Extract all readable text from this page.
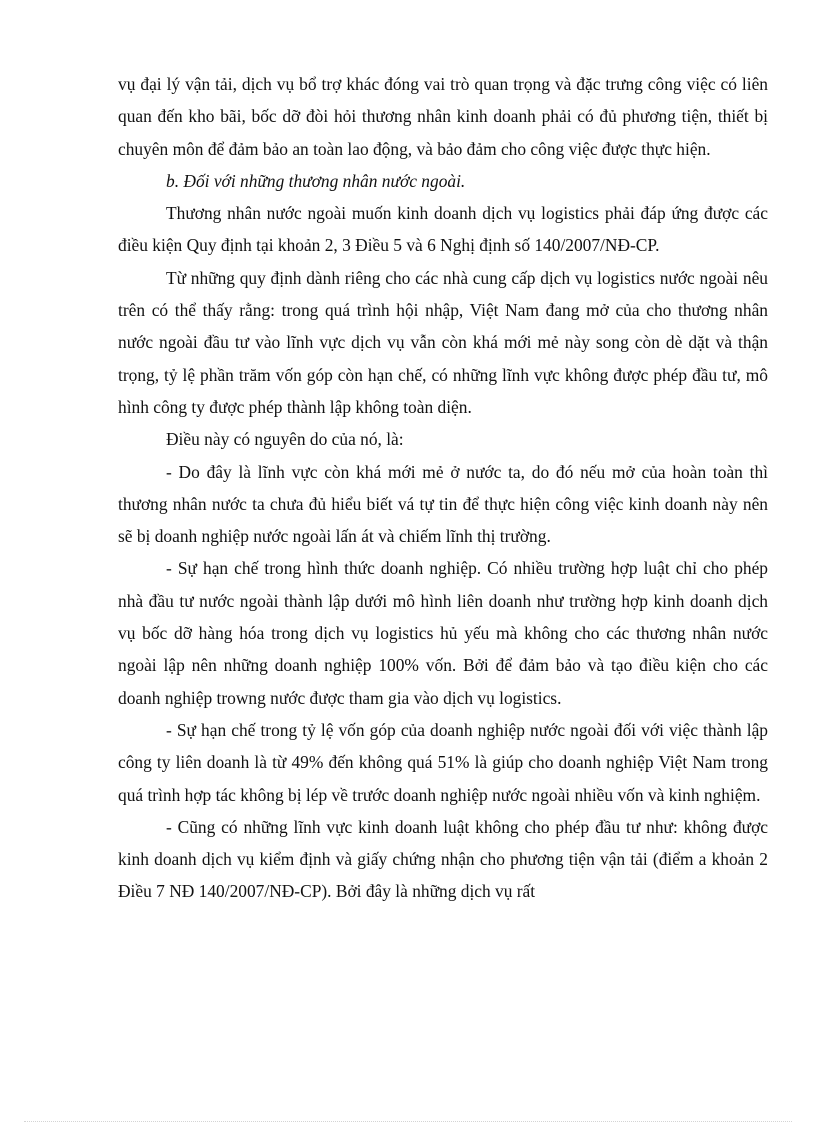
vụ đại lý vận tải, dịch vụ bổ trợ khác đóng vai trò quan trọng và đặc trưng công việc có liên quan đến kho bãi, bốc dỡ đòi hỏi thương nhân kinh doanh phải có đủ phương tiện, thiết bị chuyên môn để đảm bảo an toàn lao động, và bảo đảm cho công việc được thực hiện.

b. Đối với những thương nhân nước ngoài.

Thương nhân nước ngoài muốn kinh doanh dịch vụ logistics phải đáp ứng được các điều kiện Quy định tại khoản 2, 3 Điều 5 và 6 Nghị định số 140/2007/NĐ-CP.

Từ những quy định dành riêng cho các nhà cung cấp dịch vụ logistics nước ngoài nêu trên có thể thấy rằng: trong quá trình hội nhập, Việt Nam đang mở của cho thương nhân nước ngoài đầu tư vào lĩnh vực dịch vụ vẫn còn khá mới mẻ này song còn dè dặt và thận trọng, tỷ lệ phần trăm vốn góp còn hạn chế, có những lĩnh vực không được phép đầu tư, mô hình công ty được phép thành lập không toàn diện.

Điều này có nguyên do của nó, là:

- Do đây là lĩnh vực còn khá mới mẻ ở nước ta, do đó nếu mở của hoàn toàn thì thương nhân nước ta chưa đủ hiểu biết vá tự tin để thực hiện công việc kinh doanh này nên sẽ bị doanh nghiệp nước ngoài lấn át và chiếm lĩnh thị trường.

- Sự hạn chế trong hình thức doanh nghiệp. Có nhiều trường hợp luật chỉ cho phép nhà đầu tư nước ngoài thành lập dưới mô hình liên doanh như trường hợp kinh doanh dịch vụ bốc dỡ hàng hóa trong dịch vụ logistics hủ yếu mà không cho các thương nhân nước ngoài lập nên những doanh nghiệp 100% vốn. Bởi để đảm bảo và tạo điều kiện cho các doanh nghiệp trowng nước được tham gia vào dịch vụ logistics.

- Sự hạn chế trong tỷ lệ vốn góp của doanh nghiệp nước ngoài đối với việc thành lập công ty liên doanh là từ 49% đến không quá 51% là giúp cho doanh nghiệp Việt Nam trong quá trình hợp tác không bị lép về trước doanh nghiệp nước ngoài nhiều vốn và kinh nghiệm.

- Cũng có những lĩnh vực kinh doanh luật không cho phép đầu tư như: không được kinh doanh dịch vụ kiểm định và giấy chứng nhận cho phương tiện vận tải (điểm a khoản 2 Điều 7 NĐ 140/2007/NĐ-CP). Bởi đây là những dịch vụ rất
